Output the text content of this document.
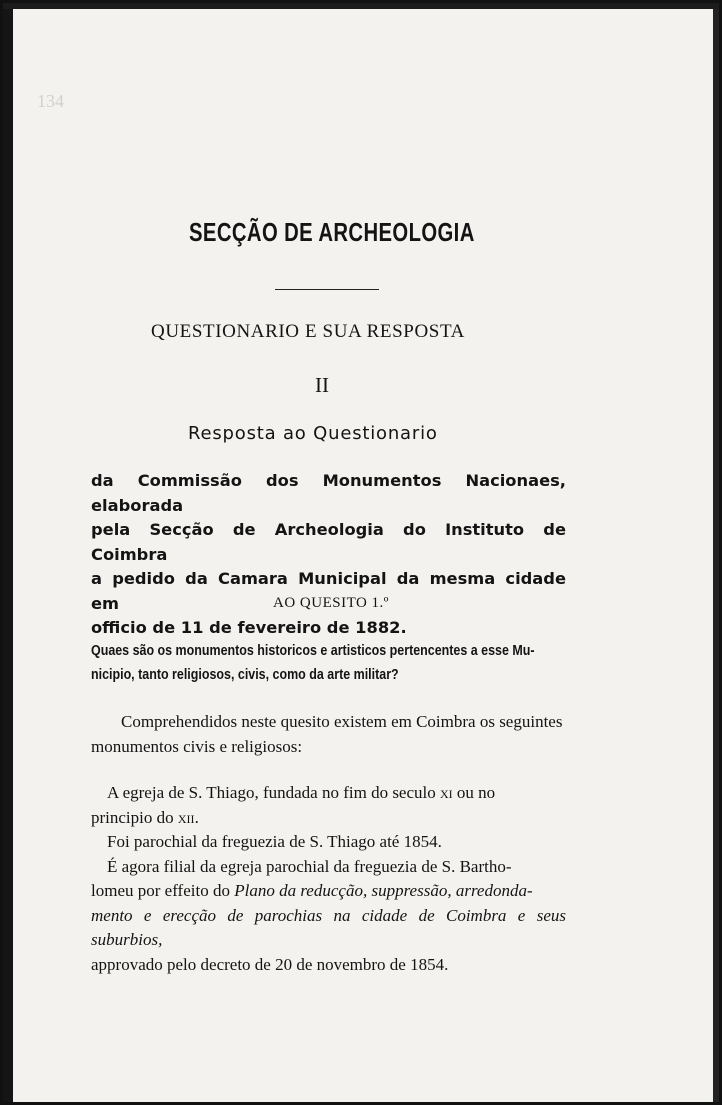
134
SECÇÃO DE ARCHEOLOGIA
QUESTIONARIO E SUA RESPOSTA
II
Resposta ao Questionario

da Commissão dos Monumentos Nacionaes, elaborada

pela Secção de Archeologia do Instituto de Coimbra

a pedido da Camara Municipal da mesma cidade em

officio de 11 de fevereiro de 1882.

AO QUESITO 1.º

Quaes são os monumentos historicos e artisticos pertencentes a esse Mu-

nicipio, tanto religiosos, civis, como da arte militar?

Comprehendidos neste quesito existem em Coimbra os seguintes

monumentos civis e religiosos:

A egreja de S. Thiago, fundada no fim do seculo xi ou no

principio do xii.

Foi parochial da freguezia de S. Thiago até 1854.

É agora filial da egreja parochial da freguezia de S. Bartho-

lomeu por effeito do Plano da reducção, suppressão, arredonda-

mento e erecção de parochias na cidade de Coimbra e seus suburbios,

approvado pelo decreto de 20 de novembro de 1854.
